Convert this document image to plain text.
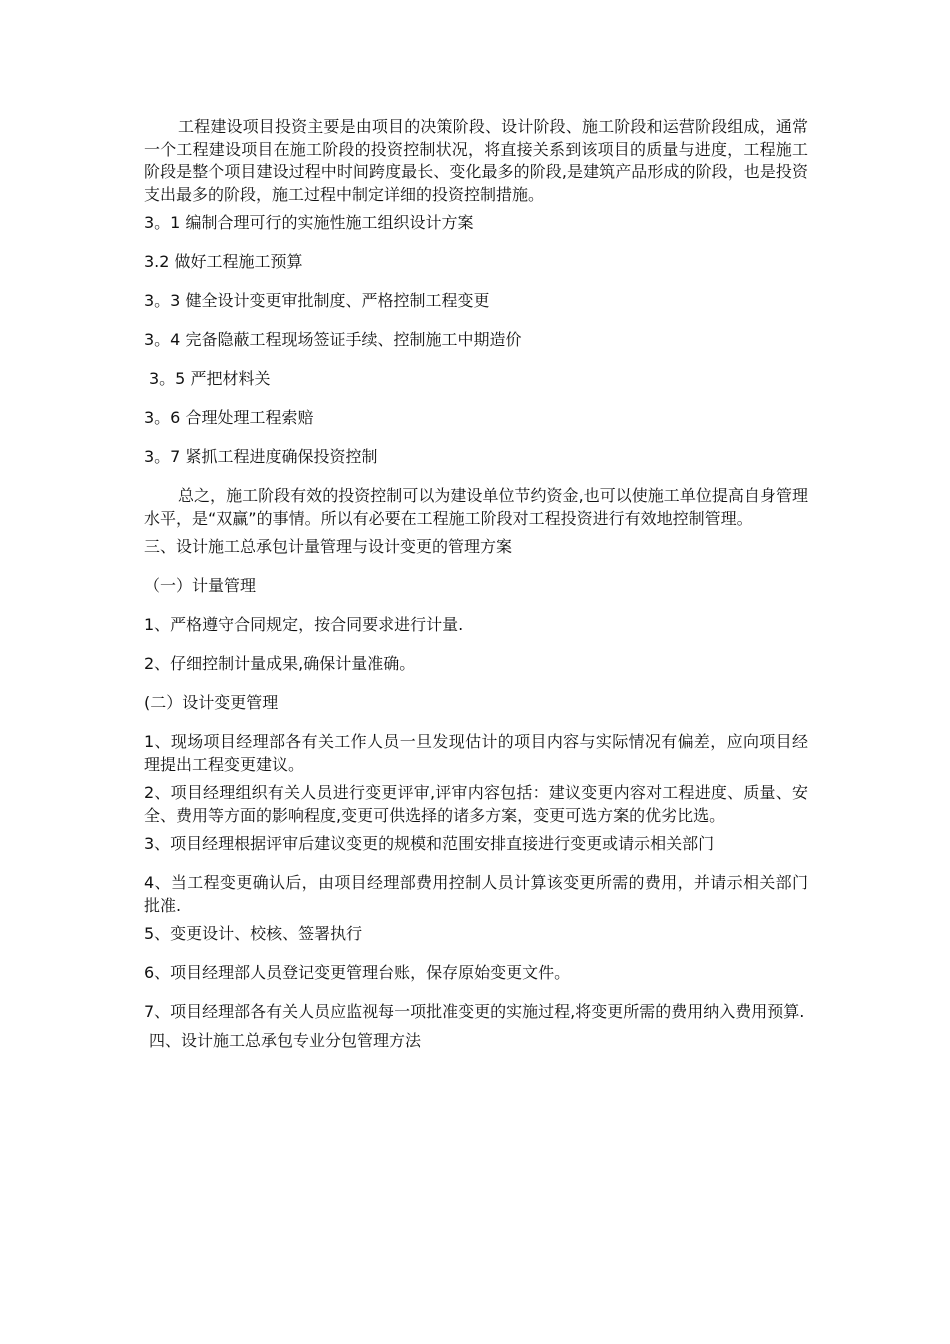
工程建设项目投资主要是由项目的决策阶段、设计阶段、施工阶段和运营阶段组成，通常一个工程建设项目在施工阶段的投资控制状况，将直接关系到该项目的质量与进度，工程施工阶段是整个项目建设过程中时间跨度最长、变化最多的阶段,是建筑产品形成的阶段，也是投资支出最多的阶段，施工过程中制定详细的投资控制措施。

3。1 编制合理可行的实施性施工组织设计方案

3.2 做好工程施工预算

3。3 健全设计变更审批制度、严格控制工程变更

3。4 完备隐蔽工程现场签证手续、控制施工中期造价

3。5 严把材料关

3。6 合理处理工程索赔

3。7 紧抓工程进度确保投资控制

总之，施工阶段有效的投资控制可以为建设单位节约资金,也可以使施工单位提高自身管理水平，是“双赢”的事情。所以有必要在工程施工阶段对工程投资进行有效地控制管理。

三、设计施工总承包计量管理与设计变更的管理方案

（一）计量管理

1、严格遵守合同规定，按合同要求进行计量.

2、仔细控制计量成果,确保计量准确。

(二）设计变更管理

1、现场项目经理部各有关工作人员一旦发现估计的项目内容与实际情况有偏差，应向项目经理提出工程变更建议。

2、项目经理组织有关人员进行变更评审,评审内容包括：建议变更内容对工程进度、质量、安全、费用等方面的影响程度,变更可供选择的诸多方案，变更可选方案的优劣比选。

3、项目经理根据评审后建议变更的规模和范围安排直接进行变更或请示相关部门

4、当工程变更确认后，由项目经理部费用控制人员计算该变更所需的费用，并请示相关部门批准.

5、变更设计、校核、签署执行

6、项目经理部人员登记变更管理台账，保存原始变更文件。

7、项目经理部各有关人员应监视每一项批准变更的实施过程,将变更所需的费用纳入费用预算.

四、设计施工总承包专业分包管理方法
